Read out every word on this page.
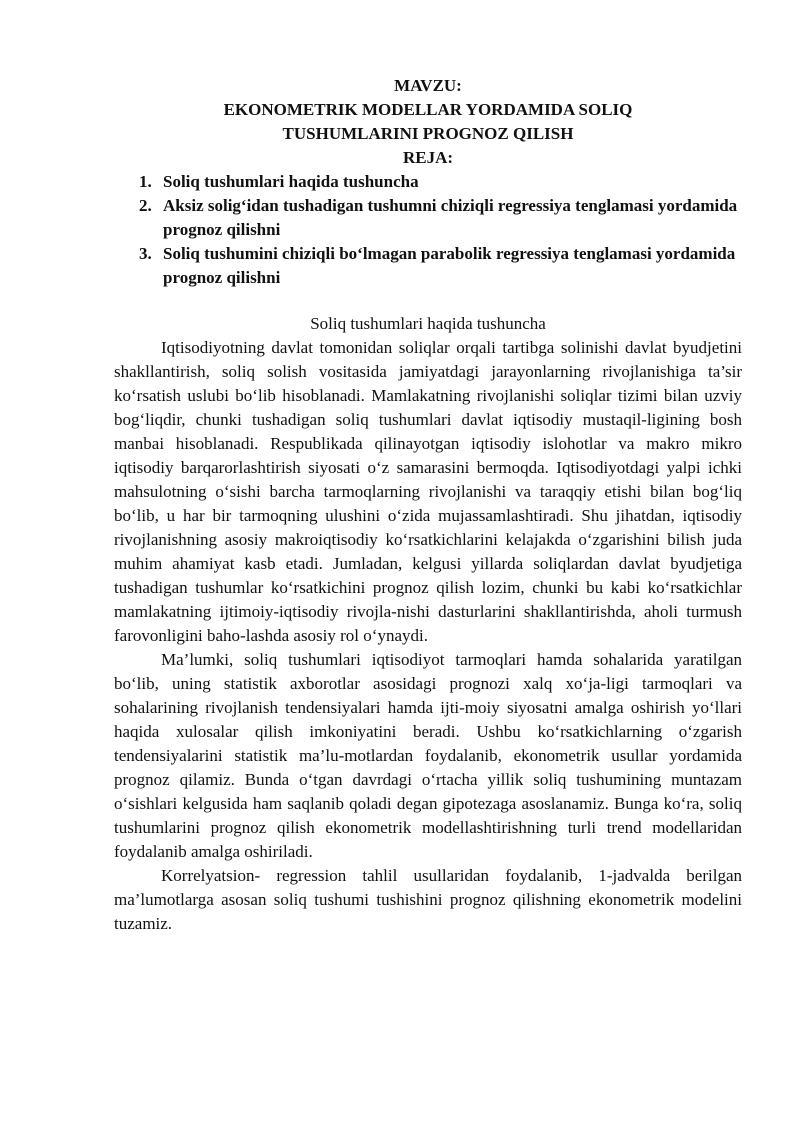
MAVZU:

EKONOMETRIK MODELLAR YORDAMIDA SOLIQ

TUSHUMLARINI PROGNOZ QILISH

REJA:

1. Soliq tushumlari haqida tushuncha
2. Aksiz solig‘idan tushadigan tushumni chiziqli regressiya tenglamasi yordamida prognoz qilishni
3. Soliq tushumini chiziqli bo‘lmagan parabolik regressiya tenglamasi yordamida prognoz qilishni

Soliq tushumlari haqida tushuncha

Iqtisodiyotning davlat tomonidan soliqlar orqali tartibga solinishi davlat byudjetini shakllantirish, soliq solish vositasida jamiyatdagi jarayonlarning rivojlanishiga ta’sir ko‘rsatish uslubi bo‘lib hisoblanadi. Mamlakatning rivojlanishi soliqlar tizimi bilan uzviy bog‘liqdir, chunki tushadigan soliq tushumlari davlat iqtisodiy mustaqil-ligining bosh manbai hisoblanadi. Respublikada qilinayotgan iqtisodiy islohotlar va makro mikro iqtisodiy barqarorlashtirish siyosati o‘z samarasini bermoqda. Iqtisodiyotdagi yalpi ichki mahsulotning o‘sishi barcha tarmoqlarning rivojlanishi va taraqqiy etishi bilan bog‘liq bo‘lib, u har bir tarmoqning ulushini o‘zida mujassamlashtiradi. Shu jihatdan, iqtisodiy rivojlanishning asosiy makroiqtisodiy ko‘rsatkichlarini kelajakda o‘zgarishini bilish juda muhim ahamiyat kasb etadi. Jumladan, kelgusi yillarda soliqlardan davlat byudjetiga tushadigan tushumlar ko‘rsatkichini prognoz qilish lozim, chunki bu kabi ko‘rsatkichlar mamlakatning ijtimoiy-iqtisodiy rivojla-nishi dasturlarini shakllantirishda, aholi turmush farovonligini baho-lashda asosiy rol o‘ynaydi.

Ma’lumki, soliq tushumlari iqtisodiyot tarmoqlari hamda sohalarida yaratilgan bo‘lib, uning statistik axborotlar asosidagi prognozi xalq xo‘ja-ligi tarmoqlari va sohalarining rivojlanish tendensiyalari hamda ijti-moiy siyosatni amalga oshirish yo‘llari haqida xulosalar qilish imkoniyatini beradi. Ushbu ko‘rsatkichlarning o‘zgarish tendensiyalarini statistik ma’lu-motlardan foydalanib, ekonometrik usullar yordamida prognoz qilamiz. Bunda o‘tgan davrdagi o‘rtacha yillik soliq tushumining muntazam o‘sishlari kelgusida ham saqlanib qoladi degan gipotezaga asoslanamiz. Bunga ko‘ra, soliq tushumlarini prognoz qilish ekonometrik modellashtirishning turli trend modellaridan foydalanib amalga oshiriladi.

Korrelyatsion- regression tahlil usullaridan foydalanib, 1-jadvalda berilgan ma’lumotlarga asosan soliq tushumi tushishini prognoz qilishning ekonometrik modelini tuzamiz.
